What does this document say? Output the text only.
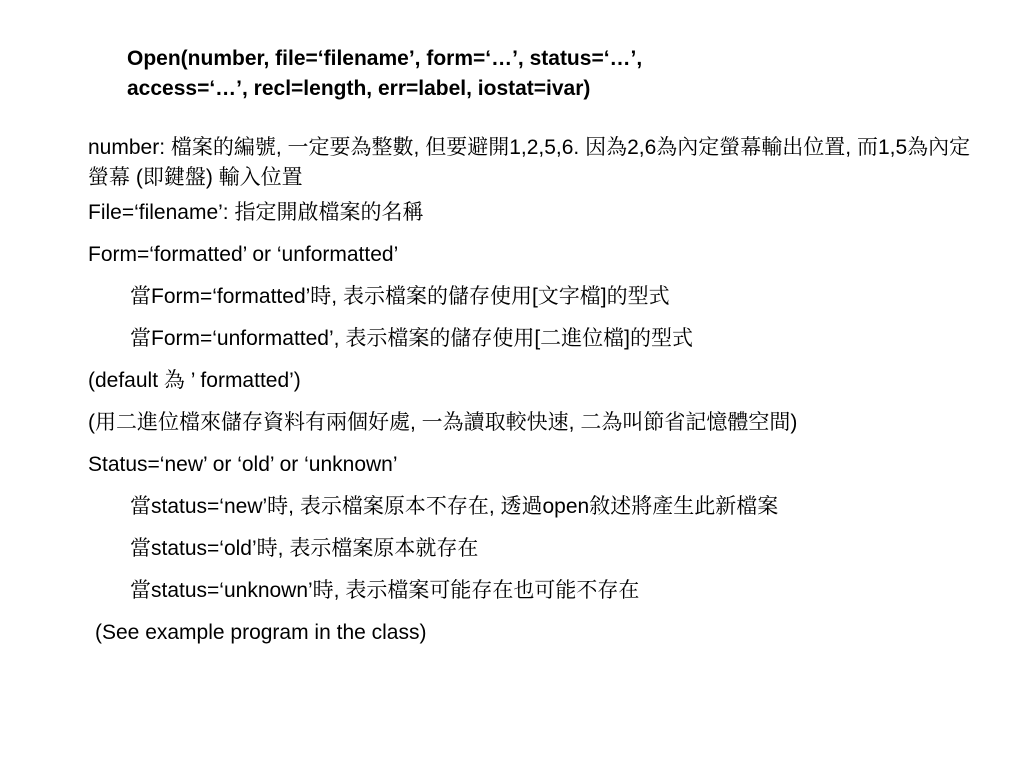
Open(number, file=‘filename’, form=‘…’, status=‘…’,
access=‘…’, recl=length, err=label, iostat=ivar)

number: 檔案的編號, 一定要為整數, 但要避開1,2,5,6. 因為2,6為內定螢幕輸出位置, 而1,5為內定螢幕 (即鍵盤) 輸入位置

File=‘filename’: 指定開啟檔案的名稱

Form=‘formatted’ or ‘unformatted’

當Form=‘formatted’時, 表示檔案的儲存使用[文字檔]的型式

當Form=‘unformatted’, 表示檔案的儲存使用[二進位檔]的型式

(default 為 ’ formatted’)

(用二進位檔來儲存資料有兩個好處, 一為讀取較快速, 二為叫節省記憶體空間)

Status=‘new’ or ‘old’ or ‘unknown’

當status=‘new’時, 表示檔案原本不存在, 透過open敘述將產生此新檔案

當status=‘old’時, 表示檔案原本就存在

當status=‘unknown’時, 表示檔案可能存在也可能不存在

(See example program in the class)
